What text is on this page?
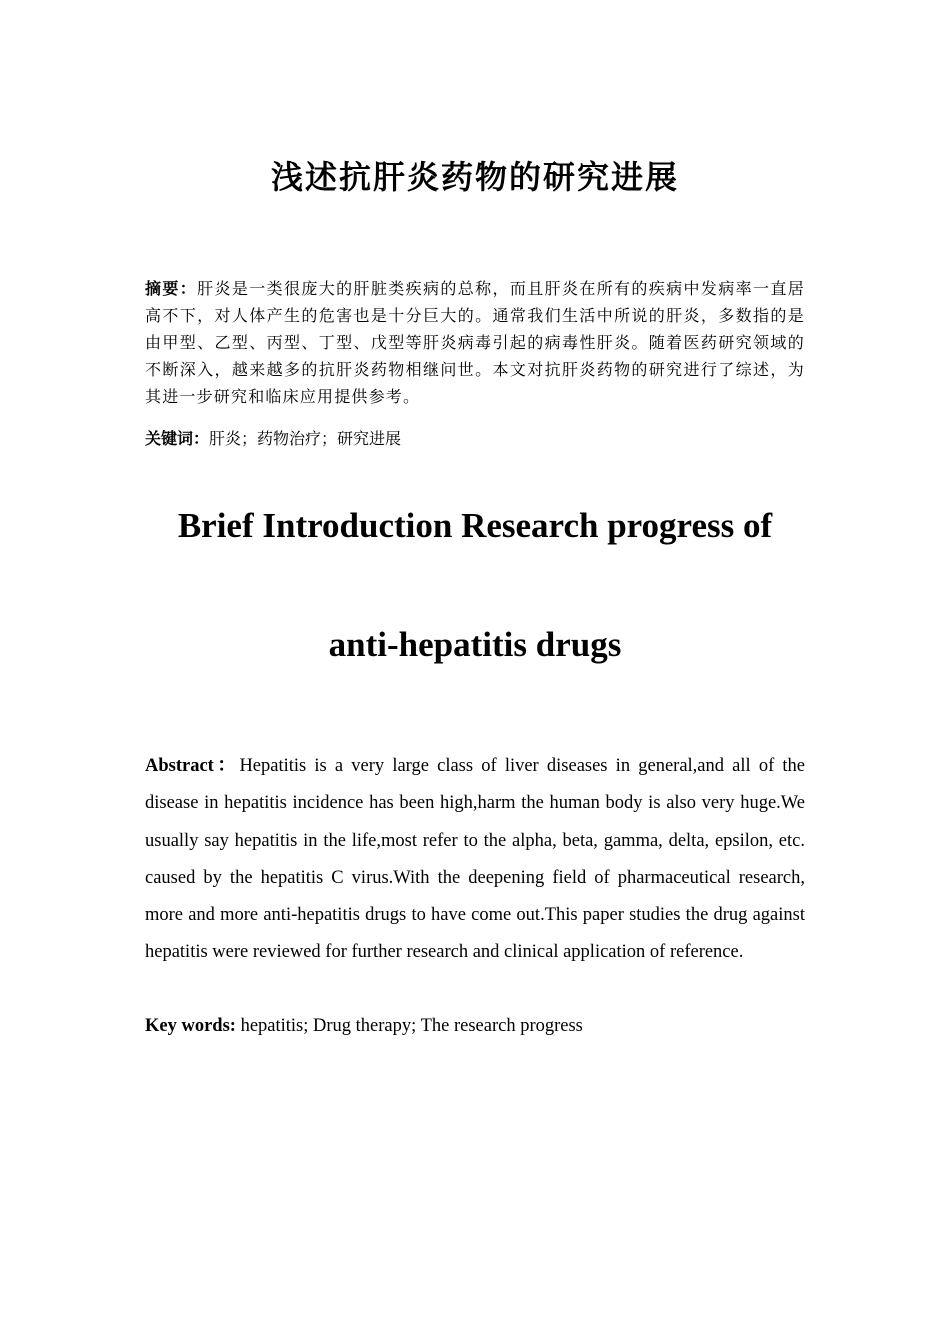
浅述抗肝炎药物的研究进展
摘要：肝炎是一类很庞大的肝脏类疾病的总称，而且肝炎在所有的疾病中发病率一直居高不下，对人体产生的危害也是十分巨大的。通常我们生活中所说的肝炎，多数指的是由甲型、乙型、丙型、丁型、戊型等肝炎病毒引起的病毒性肝炎。随着医药研究领域的不断深入，越来越多的抗肝炎药物相继问世。本文对抗肝炎药物的研究进行了综述，为其进一步研究和临床应用提供参考。
关键词：肝炎；药物治疗；研究进展
Brief Introduction Research progress of
anti-hepatitis drugs
Abstract：Hepatitis is a very large class of liver diseases in general,and all of the disease in hepatitis incidence has been high,harm the human body is also very huge.We usually say hepatitis in the life,most refer to the alpha, beta, gamma, delta, epsilon, etc. caused by the hepatitis C virus.With the deepening field of pharmaceutical research, more and more anti-hepatitis drugs to have come out.This paper studies the drug against hepatitis were reviewed for further research and clinical application of reference.
Key words: hepatitis; Drug therapy; The research progress
